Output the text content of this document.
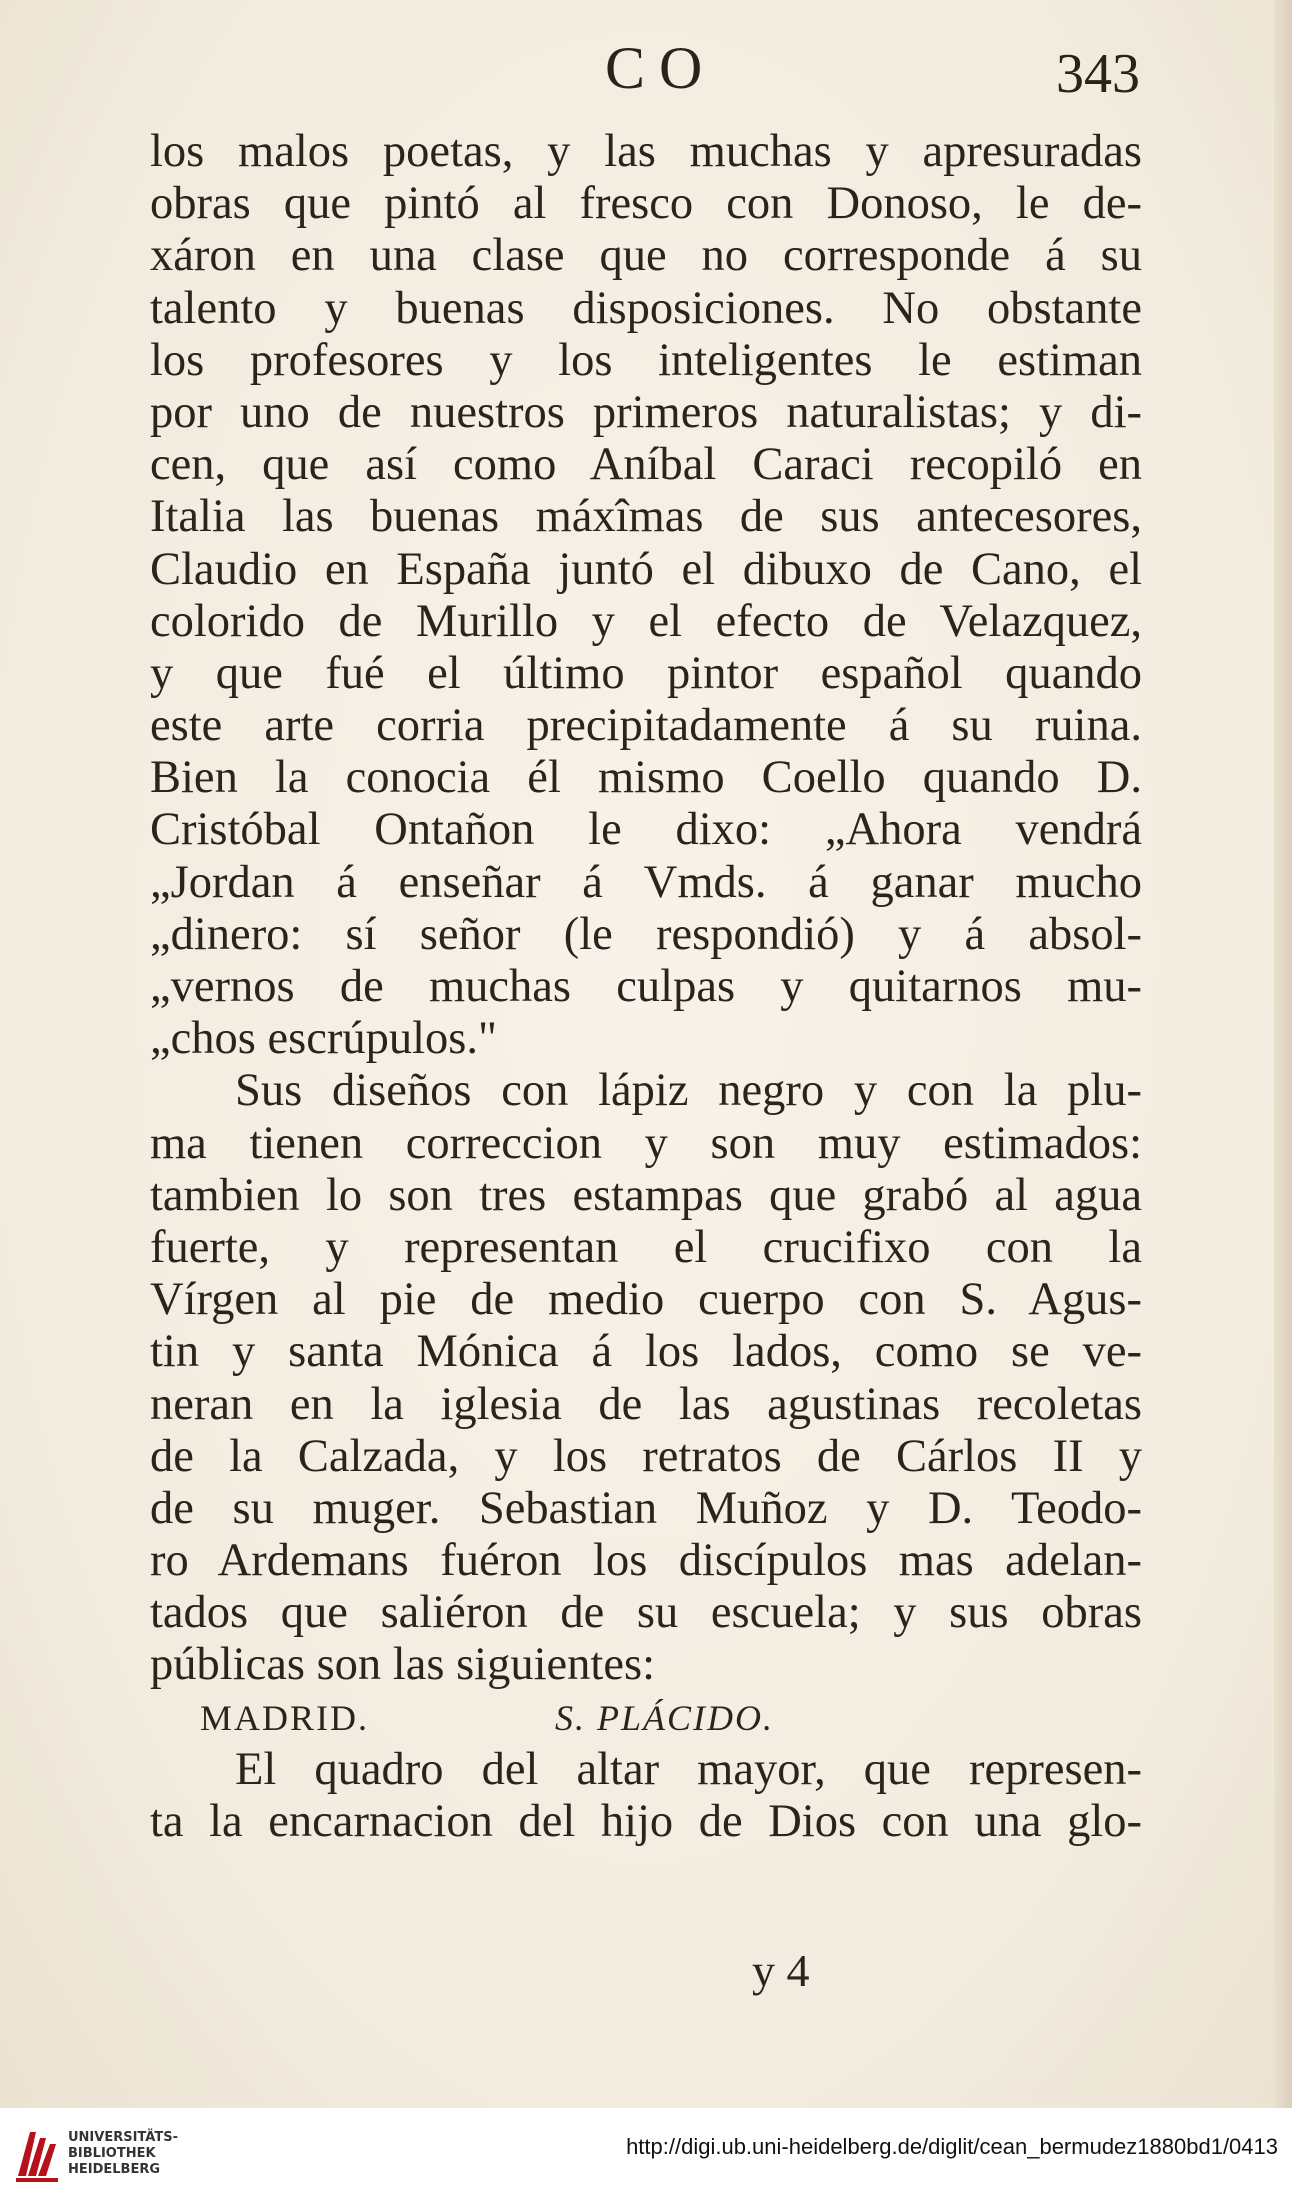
CO	343
los malos poetas, y las muchas y apresuradas
obras que pintó al fresco con Donoso, le de-
xáron en una clase que no corresponde á su
talento y buenas disposiciones. No obstante
los profesores y los inteligentes le estiman
por uno de nuestros primeros naturalistas; y di-
cen, que así como Aníbal Caraci recopiló en
Italia las buenas máxîmas de sus antecesores,
Claudio en España juntó el dibuxo de Cano, el
colorido de Murillo y el efecto de Velazquez,
y que fué el último pintor español quando
este arte corria precipitadamente á su ruina.
Bien la conocia él mismo Coello quando D.
Cristóbal Ontañon le dixo: „Ahora vendrá
„Jordan á enseñar á Vmds. á ganar mucho
„dinero: sí señor (le respondió) y á absol-
„vernos de muchas culpas y quitarnos mu-
„chos escrúpulos."
Sus diseños con lápiz negro y con la plu-
ma tienen correccion y son muy estimados:
tambien lo son tres estampas que grabó al agua
fuerte, y representan el crucifixo con la
Vírgen al pie de medio cuerpo con S. Agus-
tin y santa Mónica á los lados, como se ve-
neran en la iglesia de las agustinas recoletas
de la Calzada, y los retratos de Cárlos II y
de su muger. Sebastian Muñoz y D. Teodo-
ro Ardemans fuéron los discípulos mas adelan-
tados que saliéron de su escuela; y sus obras
públicas son las siguientes:
MADRID.	S. PLÁCIDO.
El quadro del altar mayor, que represen-
ta la encarnacion del hijo de Dios con una glo-
y 4
UNIVERSITÄTS-
BIBLIOTHEK
HEIDELBERG
http://digi.ub.uni-heidelberg.de/diglit/cean_bermudez1880bd1/0413
